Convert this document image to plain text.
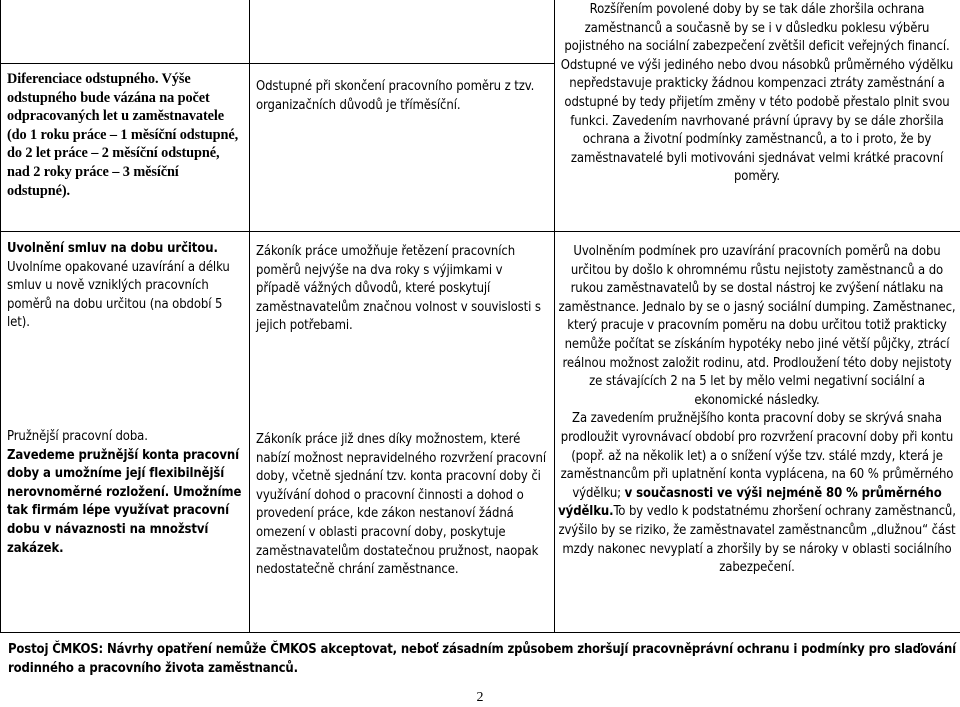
Diferenciace odstupného. Výše odstupného bude vázána na počet odpracovaných let u zaměstnavatele (do 1 roku práce – 1 měsíční odstupné, do 2 let práce – 2 měsíční odstupné, nad 2 roky práce – 3 měsíční odstupné).

Uvolnění smluv na dobu určitou.

Uvolníme opakované uzavírání a délku smluv u nově vzniklých pracovních poměrů na dobu určitou (na období 5 let).

Pružnější pracovní doba.

Zavedeme pružnější konta pracovní doby a umožníme její flexibilnější nerovnoměrné rozložení. Umožníme tak firmám lépe využívat pracovní dobu v návaznosti na množství zakázek.

Odstupné při skončení pracovního poměru z tzv. organizačních důvodů je tříměsíční.

Zákoník práce umožňuje řetězení pracovních poměrů nejvýše na dva roky s výjimkami v případě vážných důvodů, které poskytují zaměstnavatelům značnou volnost v souvislosti s jejich potřebami.

Zákoník práce již dnes díky možnostem, které nabízí možnost nepravidelného rozvržení pracovní doby, včetně sjednání tzv. konta pracovní doby či využívání dohod o pracovní činnosti a dohod o provedení práce, kde zákon nestanoví žádná omezení v oblasti pracovní doby, poskytuje zaměstnavatelům dostatečnou pružnost, naopak nedostatečně chrání zaměstnance.

Rozšířením povolené doby by se tak dále zhoršila ochrana zaměstnanců a současně by se i v důsledku poklesu výběru pojistného na sociální zabezpečení zvětšil deficit veřejných financí.

Odstupné ve výši jediného nebo dvou násobků průměrného výdělku nepředstavuje prakticky žádnou kompenzaci ztráty zaměstnání a odstupné by tedy přijetím změny v této podobě přestalo plnit svou funkci. Zavedením navrhované právní úpravy by se dále zhoršila ochrana a životní podmínky zaměstnanců, a to i proto, že by zaměstnavatelé byli motivováni sjednávat velmi krátké pracovní poměry.

Uvolněním podmínek pro uzavírání pracovních poměrů na dobu určitou by došlo k ohromnému růstu nejistoty zaměstnanců a do rukou zaměstnavatelů by se dostal nástroj ke zvýšení nátlaku na zaměstnance. Jednalo by se o jasný sociální dumping. Zaměstnanec, který pracuje v pracovním poměru na dobu určitou totiž prakticky nemůže počítat se získáním hypotéky nebo jiné větší půjčky, ztrácí reálnou možnost založit rodinu, atd. Prodloužení této doby nejistoty ze stávajících 2 na 5 let by mělo velmi negativní sociální a ekonomické následky.

Za zavedením pružnějšího konta pracovní doby se skrývá snaha prodloužit vyrovnávací období pro rozvržení pracovní doby při kontu (popř. až na několik let) a o snížení výše tzv. stálé mzdy, která je zaměstnancům při uplatnění konta vyplácena, na 60 % průměrného výdělku; v současnosti ve výši nejméně 80 % průměrného výdělku.To by vedlo k podstatnému zhoršení ochrany zaměstnanců, zvýšilo by se riziko, že zaměstnavatel zaměstnancům „dlužnou“ část mzdy nakonec nevyplatí a zhoršily by se nároky v oblasti sociálního zabezpečení.

Postoj ČMKOS: Návrhy opatření nemůže ČMKOS akceptovat, neboť zásadním způsobem zhoršují pracovněprávní ochranu i podmínky pro slaďování rodinného a pracovního života zaměstnanců.
2
